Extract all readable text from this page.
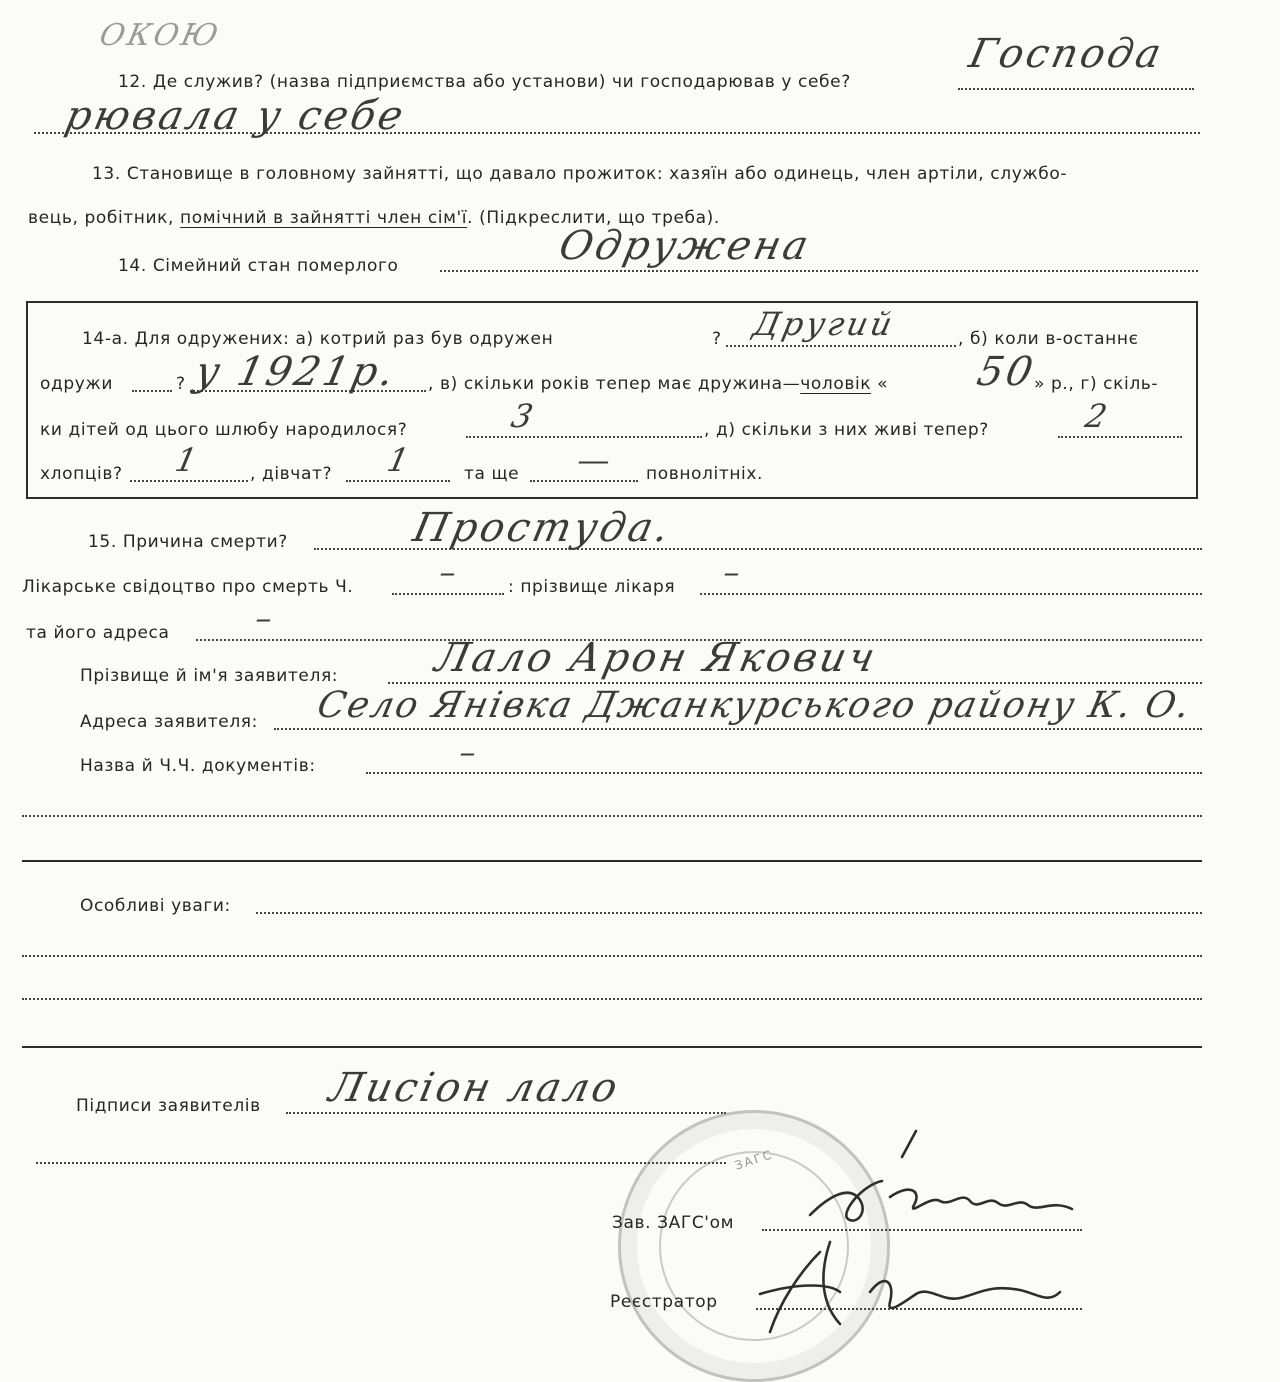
ОКОЮ
12. Де служив? (назва підприємства або установи) чи господарював у себе?
Господа
рювала у себе
13. Становище в головному зайнятті, що давало прожиток: хазяїн або одинець, член артіли, службо-
вець, робітник, помічний в зайнятті член сім'ї. (Підкреслити, що треба).
14. Сімейний стан померлого	Одружена
14-а. Для одружених: а) котрий раз був одружен	? Другий	, б) коли в-останнє
одружи	? у 1921р. , в) скільки років тепер має дружина—чоловік « 50
» р., г) скіль-
ки дітей од цього шлюбу народилося?	3	, д) скільки з них живі тепер?	2
хлопців? 1	, дівчат? 1	та ще — повнолітніх.
15. Причина смерти?	Простуда.
Лікарське свідоцтво про смерть Ч.	–	: прізвище лікаря –
та його адреса	–
Прізвище й ім'я заявителя: Лало Арон Якович
Адреса заявителя: Село Янівка Джанкурського району К. О.
Назва й Ч.Ч. документів:	–
Особливі уваги:
Підписи заявителів Лисіон лало
ЗАГС
Зав. ЗАГС'ом
Реєстратор
